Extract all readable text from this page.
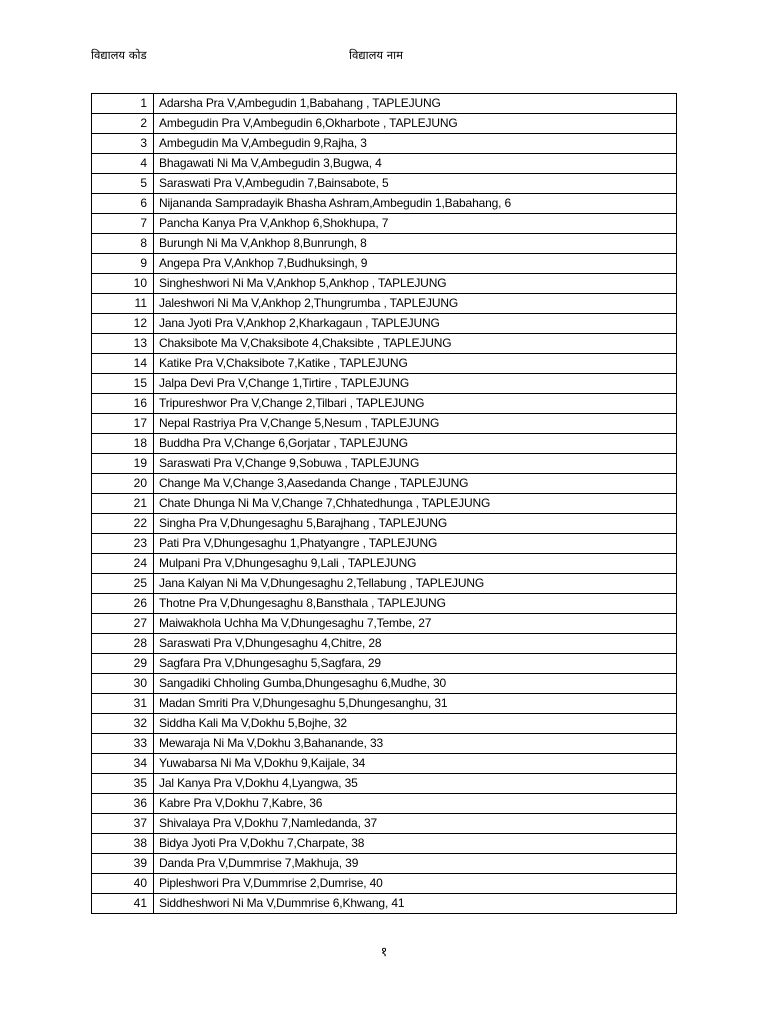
विद्यालय कोड	विद्यालय नाम
1	Adarsha Pra V,Ambegudin 1,Babahang , TAPLEJUNG
2	Ambegudin Pra V,Ambegudin 6,Okharbote , TAPLEJUNG
3	Ambegudin Ma V,Ambegudin 9,Rajha, 3
4	Bhagawati Ni Ma V,Ambegudin 3,Bugwa, 4
5	Saraswati Pra V,Ambegudin 7,Bainsabote, 5
6	Nijananda Sampradayik Bhasha Ashram,Ambegudin 1,Babahang, 6
7	Pancha Kanya Pra V,Ankhop 6,Shokhupa, 7
8	Burungh Ni Ma V,Ankhop 8,Bunrungh, 8
9	Angepa Pra V,Ankhop 7,Budhuksingh, 9
10	Singheshwori Ni Ma V,Ankhop 5,Ankhop , TAPLEJUNG
11	Jaleshwori Ni Ma V,Ankhop 2,Thungrumba , TAPLEJUNG
12	Jana Jyoti Pra V,Ankhop 2,Kharkagaun , TAPLEJUNG
13	Chaksibote Ma V,Chaksibote 4,Chaksibte , TAPLEJUNG
14	Katike Pra V,Chaksibote 7,Katike , TAPLEJUNG
15	Jalpa Devi Pra V,Change 1,Tirtire , TAPLEJUNG
16	Tripureshwor Pra V,Change 2,Tilbari , TAPLEJUNG
17	Nepal Rastriya Pra V,Change 5,Nesum , TAPLEJUNG
18	Buddha Pra V,Change 6,Gorjatar , TAPLEJUNG
19	Saraswati Pra V,Change 9,Sobuwa , TAPLEJUNG
20	Change Ma V,Change 3,Aasedanda Change , TAPLEJUNG
21	Chate Dhunga Ni Ma V,Change 7,Chhatedhunga , TAPLEJUNG
22	Singha Pra V,Dhungesaghu 5,Barajhang , TAPLEJUNG
23	Pati Pra V,Dhungesaghu 1,Phatyangre , TAPLEJUNG
24	Mulpani Pra V,Dhungesaghu 9,Lali , TAPLEJUNG
25	Jana Kalyan Ni Ma V,Dhungesaghu 2,Tellabung , TAPLEJUNG
26	Thotne Pra V,Dhungesaghu 8,Bansthala , TAPLEJUNG
27	Maiwakhola Uchha Ma V,Dhungesaghu 7,Tembe, 27
28	Saraswati Pra V,Dhungesaghu 4,Chitre, 28
29	Sagfara Pra V,Dhungesaghu 5,Sagfara, 29
30	Sangadiki Chholing Gumba,Dhungesaghu 6,Mudhe, 30
31	Madan Smriti Pra V,Dhungesaghu 5,Dhungesanghu, 31
32	Siddha Kali Ma V,Dokhu 5,Bojhe, 32
33	Mewaraja Ni Ma V,Dokhu 3,Bahanande, 33
34	Yuwabarsa Ni Ma V,Dokhu 9,Kaijale, 34
35	Jal Kanya Pra V,Dokhu 4,Lyangwa, 35
36	Kabre Pra V,Dokhu 7,Kabre, 36
37	Shivalaya Pra V,Dokhu 7,Namledanda, 37
38	Bidya Jyoti Pra V,Dokhu 7,Charpate, 38
39	Danda Pra V,Dummrise 7,Makhuja, 39
40	Pipleshwori Pra V,Dummrise 2,Dumrise, 40
41	Siddheshwori Ni Ma V,Dummrise 6,Khwang, 41
१
